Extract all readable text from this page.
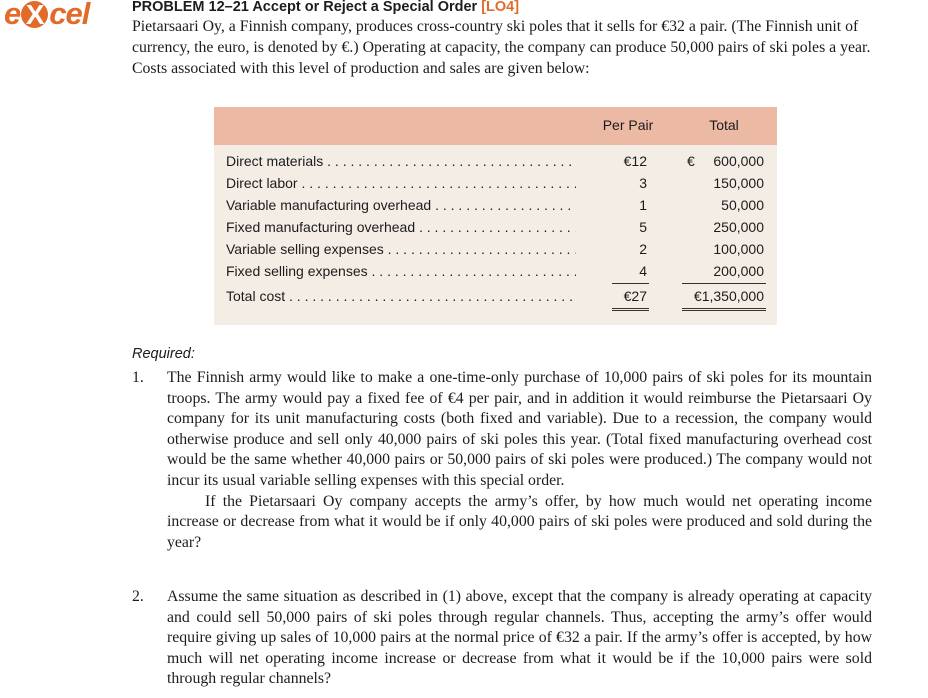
e X cel	PROBLEM 12–21 Accept or Reject a Special Order [LO4]

Pietarsaari Oy, a Finnish company, produces cross-country ski poles that it sells for €32 a pair. (The Finnish unit of currency, the euro, is denoted by €.) Operating at capacity, the company can produce 50,000 pairs of ski poles a year. Costs associated with this level of production and sales are given below:

Per Pair	Total
Direct materials . . .	€12	€	600,000
Direct labor . . .	3	150,000
Variable manufacturing overhead . . .	1	50,000
Fixed manufacturing overhead . . .	5	250,000
Variable selling expenses . . .	2	100,000
Fixed selling expenses . . .	4	200,000
Total cost . . .	€27	€1,350,000
Required:
1. The Finnish army would like to make a one-time-only purchase of 10,000 pairs of ski poles for its mountain troops. The army would pay a fixed fee of €4 per pair, and in addition it would reimburse the Pietarsaari Oy company for its unit manufacturing costs (both fixed and variable). Due to a recession, the company would otherwise produce and sell only 40,000 pairs of ski poles this year. (Total fixed manufacturing overhead cost would be the same whether 40,000 pairs or 50,000 pairs of ski poles were produced.) The company would not incur its usual variable selling expenses with this special order.

If the Pietarsaari Oy company accepts the army’s offer, by how much would net operating income increase or decrease from what it would be if only 40,000 pairs of ski poles were produced and sold during the year?

2. Assume the same situation as described in (1) above, except that the company is already operating at capacity and could sell 50,000 pairs of ski poles through regular channels. Thus, accepting the army’s offer would require giving up sales of 10,000 pairs at the normal price of €32 a pair. If the army’s offer is accepted, by how much will net operating income increase or decrease from what it would be if the 10,000 pairs were sold through regular channels?
